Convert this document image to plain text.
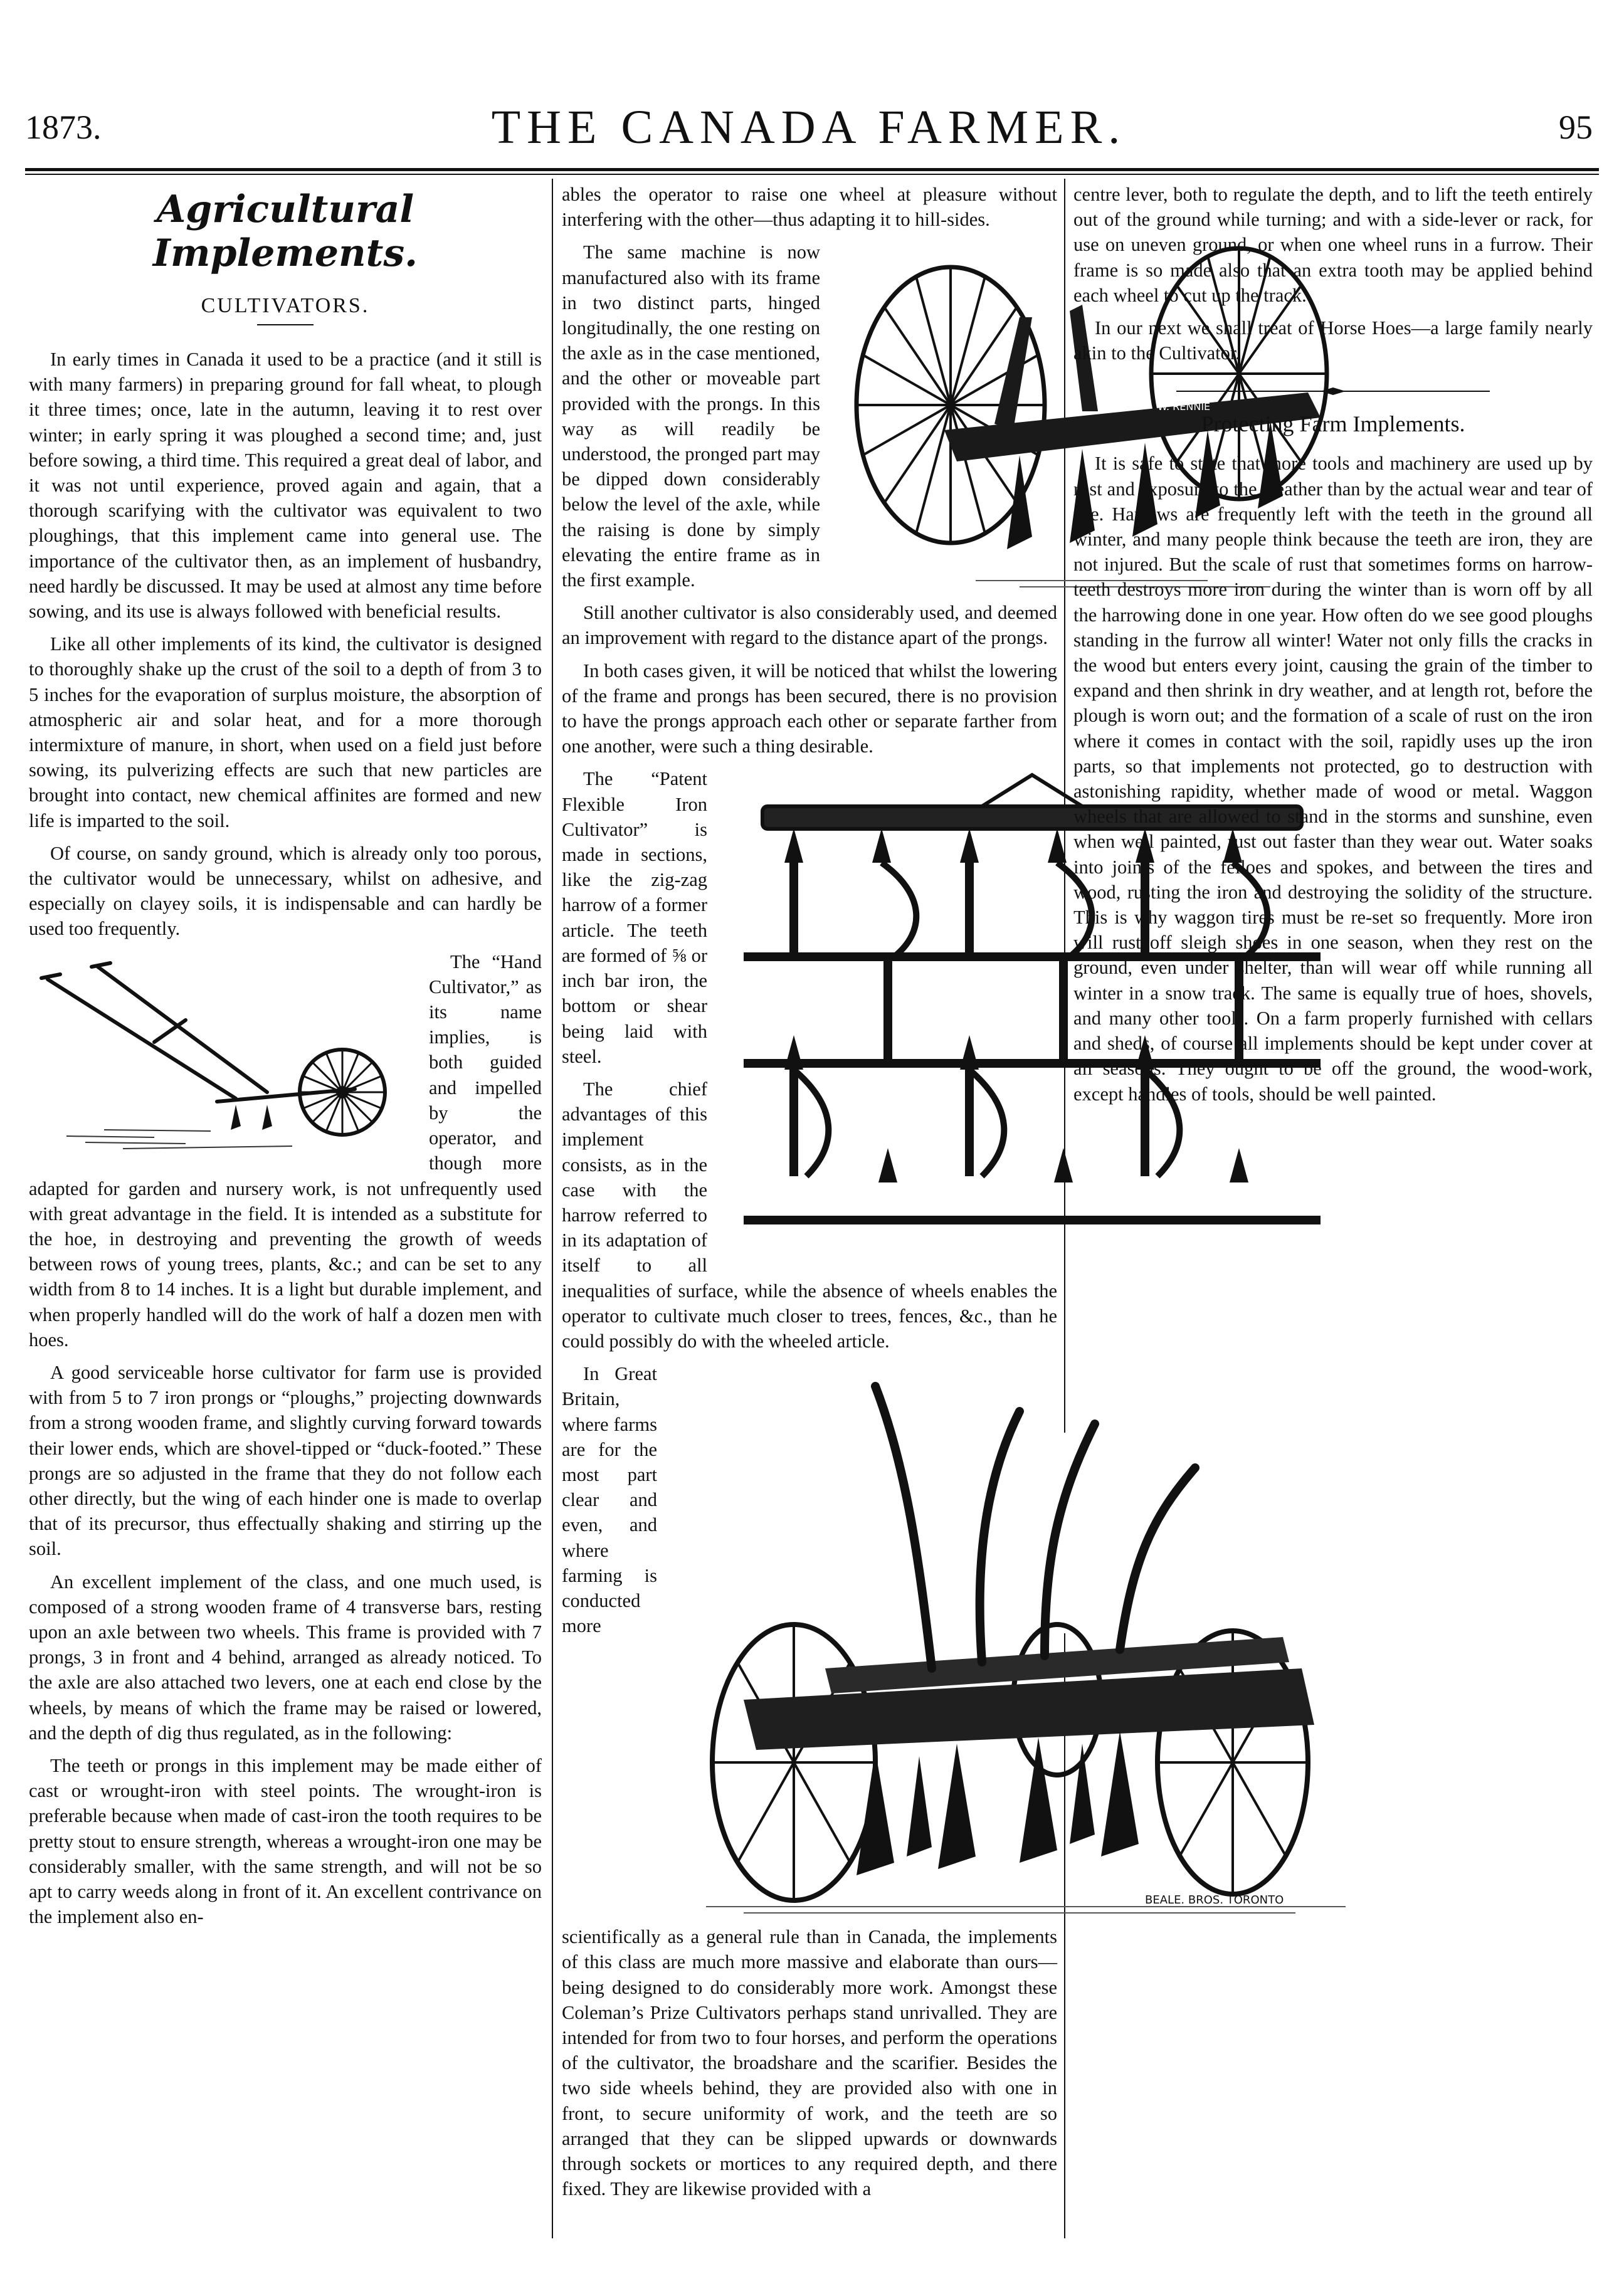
1873.	THE CANADA FARMER.	95
Agricultural Implements.
CULTIVATORS.

In early times in Canada it used to be a practice (and it still is with many farmers) in preparing ground for fall wheat, to plough it three times; once, late in the autumn, leaving it to rest over winter; in early spring it was ploughed a second time; and, just before sowing, a third time. This required a great deal of labor, and it was not until experience, proved again and again, that a thorough scarifying with the cultivator was equivalent to two ploughings, that this implement came into general use. The importance of the cultivator then, as an implement of husbandry, need hardly be discussed. It may be used at almost any time before sowing, and its use is always followed with beneficial results.

Like all other implements of its kind, the cultivator is designed to thoroughly shake up the crust of the soil to a depth of from 3 to 5 inches for the evaporation of surplus moisture, the absorption of atmospheric air and solar heat, and for a more thorough intermixture of manure, in short, when used on a field just before sowing, its pulverizing effects are such that new particles are brought into contact, new chemical affinites are formed and new life is imparted to the soil.

Of course, on sandy ground, which is already only too porous, the cultivator would be unnecessary, whilst on adhesive, and especially on clayey soils, it is indispensable and can hardly be used too frequently.

The “Hand Cultivator,” as its name implies, is both guided and impelled by the operator, and though more adapted for garden and nursery work, is not unfrequently used with great advantage in the field. It is intended as a substitute for the hoe, in destroying and preventing the growth of weeds between rows of young trees, plants, &c.; and can be set to any width from 8 to 14 inches. It is a light but durable implement, and when properly handled will do the work of half a dozen men with hoes.

A good serviceable horse cultivator for farm use is provided with from 5 to 7 iron prongs or “ploughs,” projecting downwards from a strong wooden frame, and slightly curving forward towards their lower ends, which are shovel-tipped or “duck-footed.” These prongs are so adjusted in the frame that they do not follow each other directly, but the wing of each hinder one is made to overlap that of its precursor, thus effectually shaking and stirring up the soil.

An excellent implement of the class, and one much used, is composed of a strong wooden frame of 4 transverse bars, resting upon an axle between two wheels. This frame is provided with 7 prongs, 3 in front and 4 behind, arranged as already noticed. To the axle are also attached two levers, one at each end close by the wheels, by means of which the frame may be raised or lowered, and the depth of dig thus regulated, as in the following:

The teeth or prongs in this implement may be made either of cast or wrought-iron with steel points. The wrought-iron is preferable because when made of cast-iron the tooth requires to be pretty stout to ensure strength, whereas a wrought-iron one may be considerably smaller, with the same strength, and will not be so apt to carry weeds along in front of it. An excellent contrivance on the implement also en-

ables the operator to raise one wheel at pleasure without interfering with the other—thus adapting it to hill-sides.

W. RENNIE

The same machine is now manufactured also with its frame in two distinct parts, hinged longitudinally, the one resting on the axle as in the case mentioned, and the other or moveable part provided with the prongs. In this way as will readily be understood, the pronged part may be dipped down considerably below the level of the axle, while the raising is done by simply elevating the entire frame as in the first example.

Still another cultivator is also considerably used, and deemed an improvement with regard to the distance apart of the prongs.

In both cases given, it will be noticed that whilst the lowering of the frame and prongs has been secured, there is no provision to have the prongs approach each other or separate farther from one another, were such a thing desirable.

The “Patent Flexible Iron Cultivator” is made in sections, like the zig-zag harrow of a former article. The teeth are formed of ⅝ or inch bar iron, the bottom or shear being laid with steel.

The chief advantages of this implement consists, as in the case with the harrow referred to in its adaptation of itself to all inequalities of surface, while the absence of wheels enables the operator to cultivate much closer to trees, fences, &c., than he could possibly do with the wheeled article.

BEALE. BROS. TORONTO

In Great Britain, where farms are for the most part clear and even, and where farming is conducted more scientifically as a general rule than in Canada, the implements of this class are much more massive and elaborate than ours—being designed to do considerably more work. Amongst these Coleman’s Prize Cultivators perhaps stand unrivalled. They are intended for from two to four horses, and perform the operations of the cultivator, the broadshare and the scarifier. Besides the two side wheels behind, they are provided also with one in front, to secure uniformity of work, and the teeth are so arranged that they can be slipped upwards or downwards through sockets or mortices to any required depth, and there fixed. They are likewise provided with a

centre lever, both to regulate the depth, and to lift the teeth entirely out of the ground while turning; and with a side-lever or rack, for use on uneven ground, or when one wheel runs in a furrow. Their frame is so made also that an extra tooth may be applied behind each wheel to cut up the track.

In our next we shall treat of Horse Hoes—a large family nearly akin to the Cultivator.

Protecting Farm Implements.

It is safe to state that more tools and machinery are used up by rust and exposure to the weather than by the actual wear and tear of use. Harrows are frequently left with the teeth in the ground all winter, and many people think because the teeth are iron, they are not injured. But the scale of rust that sometimes forms on harrow-teeth destroys more iron during the winter than is worn off by all the harrowing done in one year. How often do we see good ploughs standing in the furrow all winter! Water not only fills the cracks in the wood but enters every joint, causing the grain of the timber to expand and then shrink in dry weather, and at length rot, before the plough is worn out; and the formation of a scale of rust on the iron where it comes in contact with the soil, rapidly uses up the iron parts, so that implements not protected, go to destruction with astonishing rapidity, whether made of wood or metal. Waggon wheels that are allowed to stand in the storms and sunshine, even when well painted, rust out faster than they wear out. Water soaks into joints of the felloes and spokes, and between the tires and wood, rusting the iron and destroying the solidity of the structure. This is why waggon tires must be re-set so frequently. More iron will rust off sleigh shoes in one season, when they rest on the ground, even under shelter, than will wear off while running all winter in a snow track. The same is equally true of hoes, shovels, and many other tools. On a farm properly furnished with cellars and sheds, of course all implements should be kept under cover at all seasons. They ought to be off the ground, the wood-work, except handles of tools, should be well painted.
